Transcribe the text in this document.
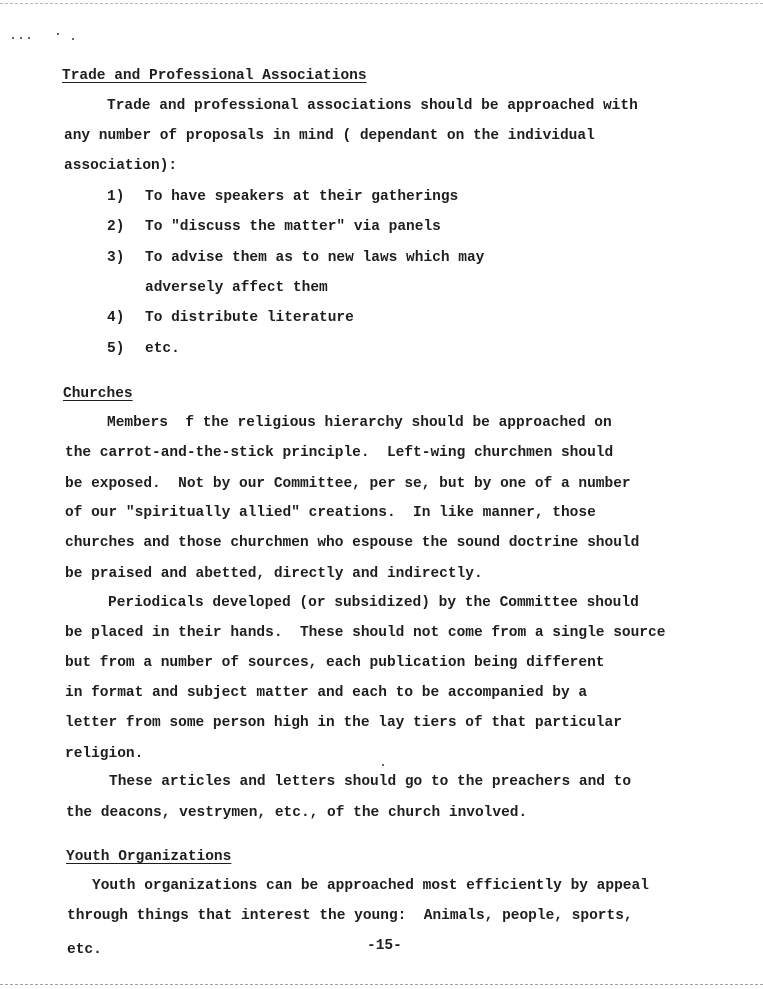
Trade and Professional Associations
Trade and professional associations should be approached with
any number of proposals in mind ( dependant on the individual
association):
1) To have speakers at their gatherings
2) To "discuss the matter" via panels
3) To advise them as to new laws which may
adversely affect them
4) To distribute literature
5) etc.
Churches
Members  f the religious hierarchy should be approached on
the carrot-and-the-stick principle.  Left-wing churchmen should
be exposed.  Not by our Committee, per se, but by one of a number
of our "spiritually allied" creations.  In like manner, those
churches and those churchmen who espouse the sound doctrine should
be praised and abetted, directly and indirectly.
Periodicals developed (or subsidized) by the Committee should
be placed in their hands.  These should not come from a single source
but from a number of sources, each publication being different
in format and subject matter and each to be accompanied by a
letter from some person high in the lay tiers of that particular
religion.
These articles and letters should go to the preachers and to
the deacons, vestrymen, etc., of the church involved.
Youth Organizations
Youth organizations can be approached most efficiently by appeal
through things that interest the young:  Animals, people, sports,
etc.	-15-
